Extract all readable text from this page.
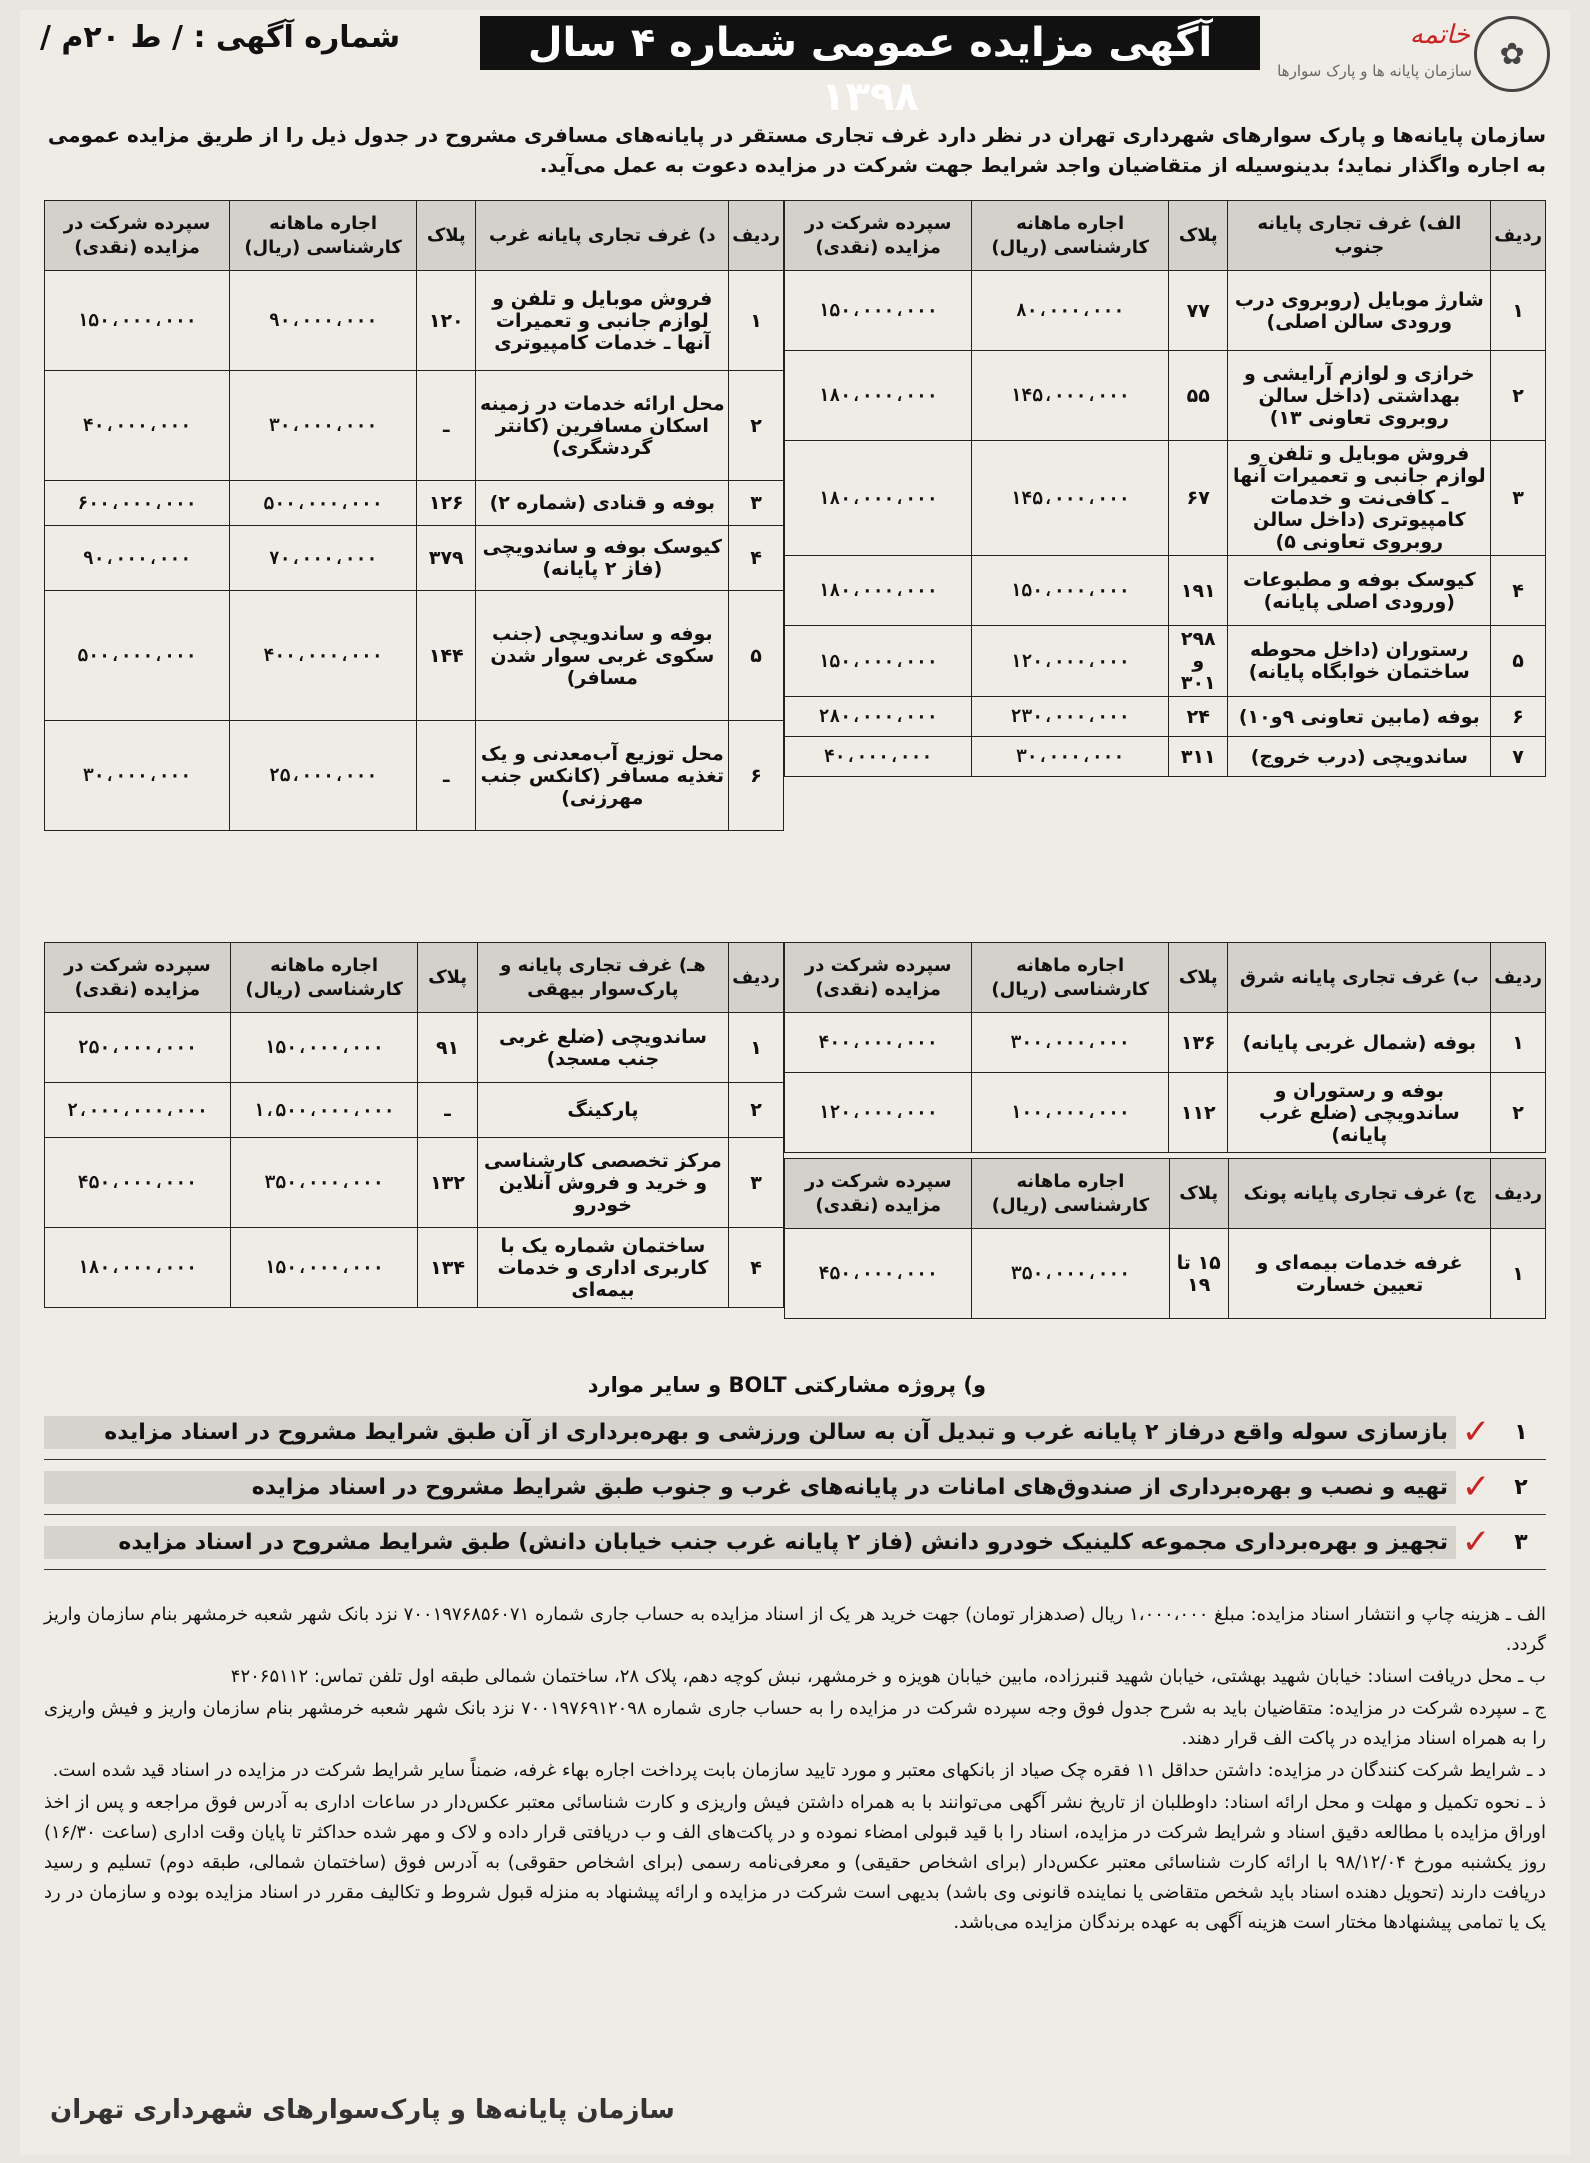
✿
سازمان پایانه ها و پارک سوارها
خاتمه
آگهی مزایده عمومی شماره ۴ سال ۱۳۹۸
شماره آگهی : / ط ۲۰م /

سازمان پایانه‌ها و پارک سوارهای شهرداری تهران در نظر دارد غرف تجاری مستقر در پایانه‌های مسافری مشروح در جدول ذیل را از طریق مزایده عمومی

به اجاره واگذار نماید؛ بدینوسیله از متقاضیان واجد شرایط جهت شرکت در مزایده دعوت به عمل می‌آید.

ردیف	الف) غرف تجاری پایانه جنوب	پلاک	اجاره ماهانه کارشناسی (ریال)	سپرده شرکت در مزایده (نقدی)
۱	شارژ موبایل (روبروی درب ورودی سالن اصلی)	۷۷	۸۰،۰۰۰،۰۰۰	۱۵۰،۰۰۰،۰۰۰
۲	خرازی و لوازم آرایشی و بهداشتی (داخل سالن روبروی تعاونی ۱۳)	۵۵	۱۴۵،۰۰۰،۰۰۰	۱۸۰،۰۰۰،۰۰۰
۳	فروش موبایل و تلفن و لوازم جانبی و تعمیرات آنها ـ کافی‌نت و خدمات کامپیوتری (داخل سالن روبروی تعاونی ۵)	۶۷	۱۴۵،۰۰۰،۰۰۰	۱۸۰،۰۰۰،۰۰۰
۴	کیوسک بوفه و مطبوعات (ورودی اصلی پایانه)	۱۹۱	۱۵۰،۰۰۰،۰۰۰	۱۸۰،۰۰۰،۰۰۰
۵	رستوران (داخل محوطه ساختمان خوابگاه پایانه)	۲۹۸ و ۳۰۱	۱۲۰،۰۰۰،۰۰۰	۱۵۰،۰۰۰،۰۰۰
۶	بوفه (مابین تعاونی ۹و۱۰)	۲۴	۲۳۰،۰۰۰،۰۰۰	۲۸۰،۰۰۰،۰۰۰
۷	ساندویچی (درب خروج)	۳۱۱	۳۰،۰۰۰،۰۰۰	۴۰،۰۰۰،۰۰۰
ردیف	ب) غرف تجاری پایانه شرق	پلاک	اجاره ماهانه کارشناسی (ریال)	سپرده شرکت در مزایده (نقدی)
۱	بوفه (شمال غربی پایانه)	۱۳۶	۳۰۰،۰۰۰،۰۰۰	۴۰۰،۰۰۰،۰۰۰
۲	بوفه و رستوران و ساندویچی (ضلع غرب پایانه)	۱۱۲	۱۰۰،۰۰۰،۰۰۰	۱۲۰،۰۰۰،۰۰۰
ردیف	ج) غرف تجاری پایانه پونک	پلاک	اجاره ماهانه کارشناسی (ریال)	سپرده شرکت در مزایده (نقدی)
۱	غرفه خدمات بیمه‌ای و تعیین خسارت	۱۵ تا ۱۹	۳۵۰،۰۰۰،۰۰۰	۴۵۰،۰۰۰،۰۰۰
ردیف	د) غرف تجاری پایانه غرب	پلاک	اجاره ماهانه کارشناسی (ریال)	سپرده شرکت در مزایده (نقدی)
۱	فروش موبایل و تلفن و لوازم جانبی و تعمیرات آنها ـ خدمات کامپیوتری	۱۲۰	۹۰،۰۰۰،۰۰۰	۱۵۰،۰۰۰،۰۰۰
۲	محل ارائه خدمات در زمینه اسکان مسافرین (کانتر گردشگری)	ـ	۳۰،۰۰۰،۰۰۰	۴۰،۰۰۰،۰۰۰
۳	بوفه و قنادی (شماره ۲)	۱۲۶	۵۰۰،۰۰۰،۰۰۰	۶۰۰،۰۰۰،۰۰۰
۴	کیوسک بوفه و ساندویچی (فاز ۲ پایانه)	۳۷۹	۷۰،۰۰۰،۰۰۰	۹۰،۰۰۰،۰۰۰
۵	بوفه و ساندویچی (جنب سکوی غربی سوار شدن مسافر)	۱۴۴	۴۰۰،۰۰۰،۰۰۰	۵۰۰،۰۰۰،۰۰۰
۶	محل توزیع آب‌معدنی و یک تغذیه مسافر (کانکس جنب مهرزنی)	ـ	۲۵،۰۰۰،۰۰۰	۳۰،۰۰۰،۰۰۰
ردیف	هـ) غرف تجاری پایانه و پارک‌سوار بیهقی	پلاک	اجاره ماهانه کارشناسی (ریال)	سپرده شرکت در مزایده (نقدی)
۱	ساندویچی (ضلع غربی جنب مسجد)	۹۱	۱۵۰،۰۰۰،۰۰۰	۲۵۰،۰۰۰،۰۰۰
۲	پارکینگ	ـ	۱،۵۰۰،۰۰۰،۰۰۰	۲،۰۰۰،۰۰۰،۰۰۰
۳	مرکز تخصصی کارشناسی و خرید و فروش آنلاین خودرو	۱۳۲	۳۵۰،۰۰۰،۰۰۰	۴۵۰،۰۰۰،۰۰۰
۴	ساختمان شماره یک با کاربری اداری و خدمات بیمه‌ای	۱۳۴	۱۵۰،۰۰۰،۰۰۰	۱۸۰،۰۰۰،۰۰۰
و) پروژه مشارکتی BOLT و سایر موارد
۱
✓
بازسازی سوله واقع درفاز ۲ پایانه غرب و تبدیل آن به سالن ورزشی و بهره‌برداری از آن طبق شرایط مشروح در اسناد مزایده
۲
✓
تهیه و نصب و بهره‌برداری از صندوق‌های امانات در پایانه‌های غرب و جنوب طبق شرایط مشروح در اسناد مزایده
۳
✓
تجهیز و بهره‌برداری مجموعه کلینیک خودرو دانش (فاز ۲ پایانه غرب جنب خیابان دانش) طبق شرایط مشروح در اسناد مزایده

الف ـ هزینه چاپ و انتشار اسناد مزایده: مبلغ ۱،۰۰۰،۰۰۰ ریال (صدهزار تومان) جهت خرید هر یک از اسناد مزایده به حساب جاری شماره ۷۰۰۱۹۷۶۸۵۶۰۷۱ نزد بانک شهر شعبه خرمشهر بنام سازمان واریز گردد.

ب ـ محل دریافت اسناد: خیابان شهید بهشتی، خیابان شهید قنبرزاده، مابین خیابان هویزه و خرمشهر، نبش کوچه دهم، پلاک ۲۸، ساختمان شمالی طبقه اول تلفن تماس: ۴۲۰۶۵۱۱۲

ج ـ سپرده شرکت در مزایده: متقاضیان باید به شرح جدول فوق وجه سپرده شرکت در مزایده را به حساب جاری شماره ۷۰۰۱۹۷۶۹۱۲۰۹۸ نزد بانک شهر شعبه خرمشهر بنام سازمان واریز و فیش واریزی را به همراه اسناد مزایده در پاکت الف قرار دهند.

د ـ شرایط شرکت کنندگان در مزایده: داشتن حداقل ۱۱ فقره چک صیاد از بانکهای معتبر و مورد تایید سازمان بابت پرداخت اجاره بهاء غرفه، ضمناً سایر شرایط شرکت در مزایده در اسناد قید شده است.

ذ ـ نحوه تکمیل و مهلت و محل ارائه اسناد: داوطلبان از تاریخ نشر آگهی می‌توانند با به همراه داشتن فیش واریزی و کارت شناسائی معتبر عکس‌دار در ساعات اداری به آدرس فوق مراجعه و پس از اخذ اوراق مزایده با مطالعه دقیق اسناد و شرایط شرکت در مزایده، اسناد را با قید قبولی امضاء نموده و در پاکت‌های الف و ب دریافتی قرار داده و لاک و مهر شده حداکثر تا پایان وقت اداری (ساعت ۱۶/۳۰) روز یکشنبه مورخ ۹۸/۱۲/۰۴ با ارائه کارت شناسائی معتبر عکس‌دار (برای اشخاص حقیقی) و معرفی‌نامه رسمی (برای اشخاص حقوقی) به آدرس فوق (ساختمان شمالی، طبقه دوم) تسلیم و رسید دریافت دارند (تحویل دهنده اسناد باید شخص متقاضی یا نماینده قانونی وی باشد) بدیهی است شرکت در مزایده و ارائه پیشنهاد به منزله قبول شروط و تکالیف مقرر در اسناد مزایده بوده و سازمان در رد یک یا تمامی پیشنهادها مختار است هزینه آگهی به عهده برندگان مزایده می‌باشد.

سازمان پایانه‌ها و پارک‌سوارهای شهرداری تهران
